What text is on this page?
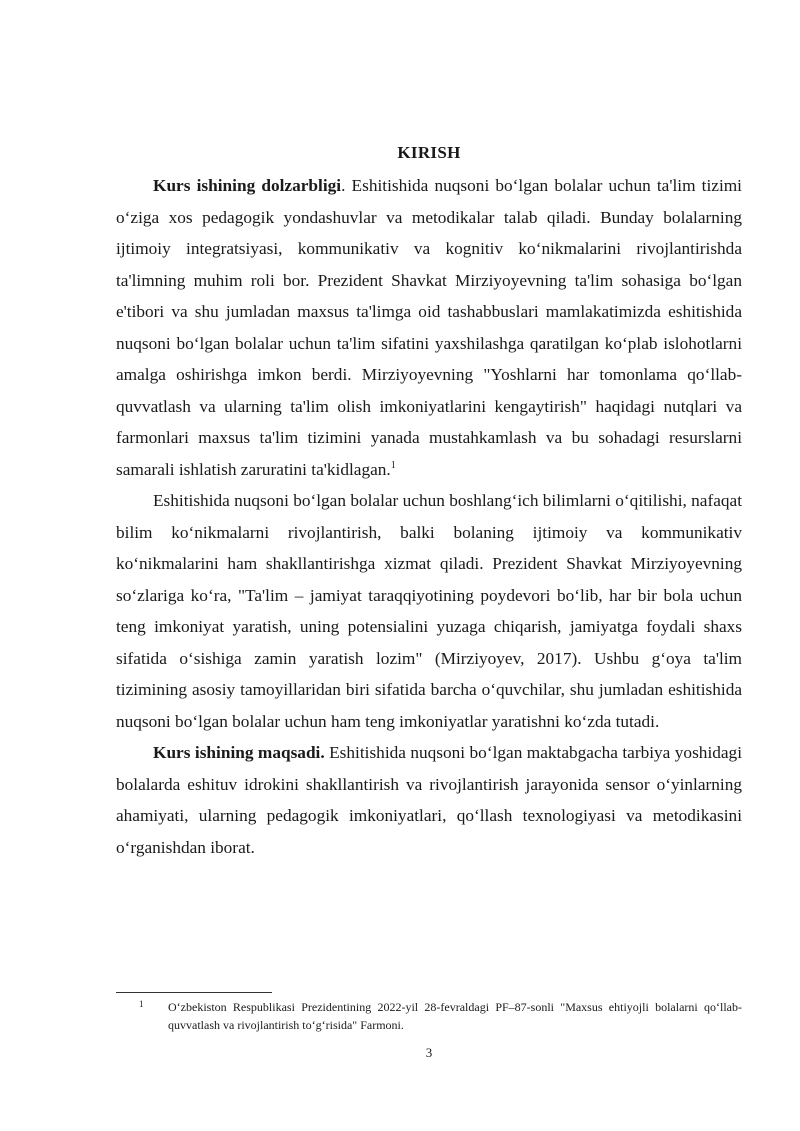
KIRISH

Kurs ishining dolzarbligi. Eshitishida nuqsoni boʻlgan bolalar uchun ta'lim tizimi oʻziga xos pedagogik yondashuvlar va metodikalar talab qiladi. Bunday bolalarning ijtimoiy integratsiyasi, kommunikativ va kognitiv koʻnikmalarini rivojlantirishda ta'limning muhim roli bor. Prezident Shavkat Mirziyoyevning ta'lim sohasiga boʻlgan e'tibori va shu jumladan maxsus ta'limga oid tashabbuslari mamlakatimizda eshitishida nuqsoni boʻlgan bolalar uchun ta'lim sifatini yaxshilashga qaratilgan koʻplab islohotlarni amalga oshirishga imkon berdi. Mirziyoyevning "Yoshlarni har tomonlama qoʻllab-quvvatlash va ularning ta'lim olish imkoniyatlarini kengaytirish" haqidagi nutqlari va farmonlari maxsus ta'lim tizimini yanada mustahkamlash va bu sohadagi resurslarni samarali ishlatish zaruratini ta'kidlagan.$^1$

Eshitishida nuqsoni boʻlgan bolalar uchun boshlangʻich bilimlarni oʻqitilishi, nafaqat bilim koʻnikmalarni rivojlantirish, balki bolaning ijtimoiy va kommunikativ koʻnikmalarini ham shakllantirishga xizmat qiladi. Prezident Shavkat Mirziyoyevning soʻzlariga koʻra, "Ta'lim – jamiyat taraqqiyotining poydevori boʻlib, har bir bola uchun teng imkoniyat yaratish, uning potensialini yuzaga chiqarish, jamiyatga foydali shaxs sifatida oʻsishiga zamin yaratish lozim" (Mirziyoyev, 2017). Ushbu gʻoya ta'lim tizimining asosiy tamoyillaridan biri sifatida barcha oʻquvchilar, shu jumladan eshitishida nuqsoni boʻlgan bolalar uchun ham teng imkoniyatlar yaratishni koʻzda tutadi.

Kurs ishining maqsadi. Eshitishida nuqsoni boʻlgan maktabgacha tarbiya yoshidagi bolalarda eshituv idrokini shakllantirish va rivojlantirish jarayonida sensor oʻyinlarning ahamiyati, ularning pedagogik imkoniyatlari, qoʻllash texnologiyasi va metodikasini oʻrganishdan iborat.

1 Oʻzbekiston Respublikasi Prezidentining 2022-yil 28-fevraldagi PF–87-sonli "Maxsus ehtiyojli bolalarni qoʻllab-quvvatlash va rivojlantirish toʻgʻrisida" Farmoni.
3
